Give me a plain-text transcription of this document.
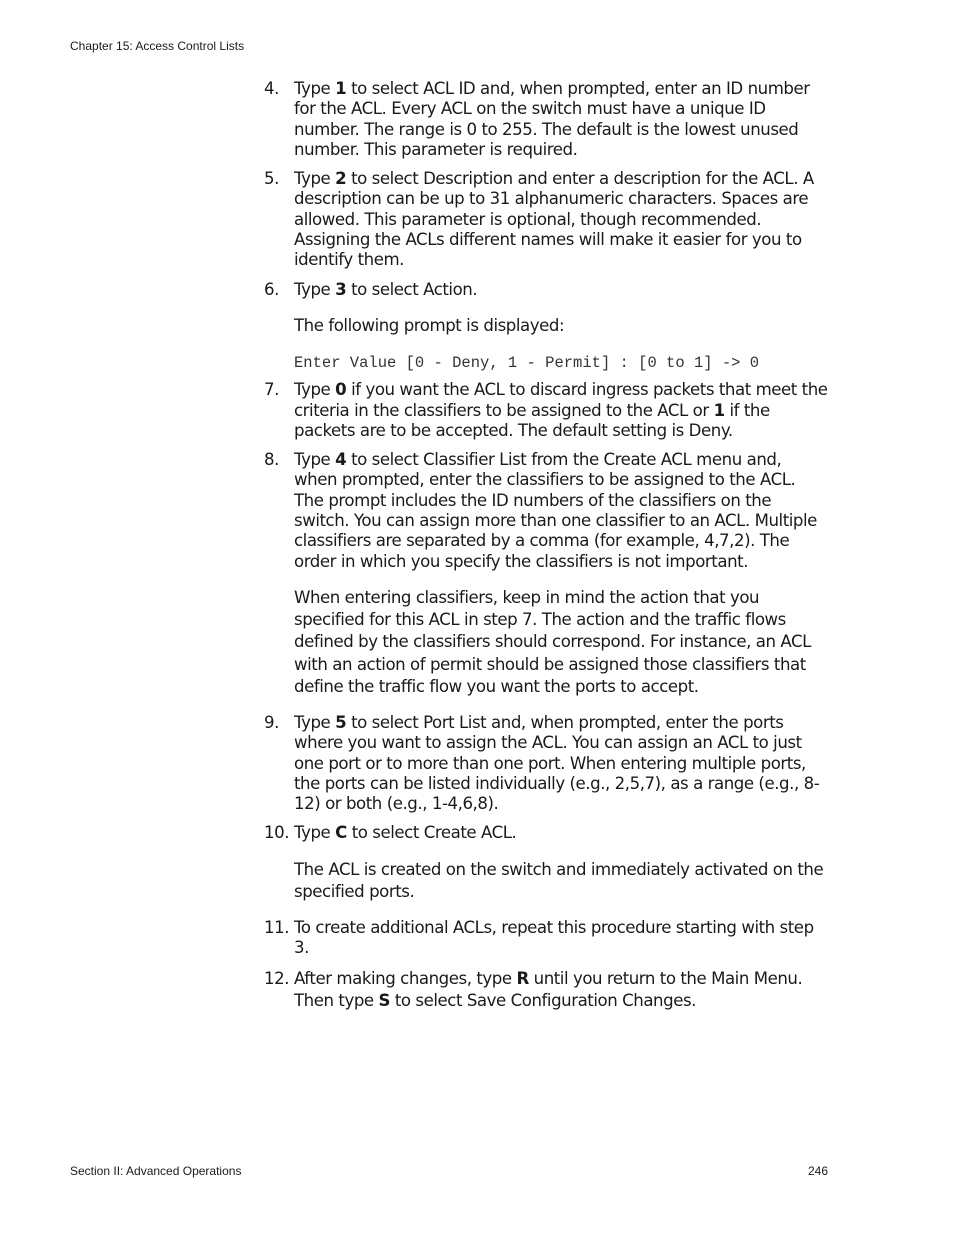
Chapter 15: Access Control Lists

4. Type 1 to select ACL ID and, when prompted, enter an ID number for the ACL. Every ACL on the switch must have a unique ID number. The range is 0 to 255. The default is the lowest unused number. This parameter is required.

5. Type 2 to select Description and enter a description for the ACL. A description can be up to 31 alphanumeric characters. Spaces are allowed. This parameter is optional, though recommended. Assigning the ACLs different names will make it easier for you to identify them.

6. Type 3 to select Action.

The following prompt is displayed:

Enter Value [0 - Deny, 1 - Permit] : [0 to 1] -> 0

7. Type 0 if you want the ACL to discard ingress packets that meet the criteria in the classifiers to be assigned to the ACL or 1 if the packets are to be accepted. The default setting is Deny.

8. Type 4 to select Classifier List from the Create ACL menu and, when prompted, enter the classifiers to be assigned to the ACL. The prompt includes the ID numbers of the classifiers on the switch. You can assign more than one classifier to an ACL. Multiple classifiers are separated by a comma (for example, 4,7,2). The order in which you specify the classifiers is not important.

When entering classifiers, keep in mind the action that you specified for this ACL in step 7. The action and the traffic flows defined by the classifiers should correspond. For instance, an ACL with an action of permit should be assigned those classifiers that define the traffic flow you want the ports to accept.

9. Type 5 to select Port List and, when prompted, enter the ports where you want to assign the ACL. You can assign an ACL to just one port or to more than one port. When entering multiple ports, the ports can be listed individually (e.g., 2,5,7), as a range (e.g., 8-12) or both (e.g., 1-4,6,8).

10. Type C to select Create ACL.

The ACL is created on the switch and immediately activated on the specified ports.

11. To create additional ACLs, repeat this procedure starting with step 3.

12. After making changes, type R until you return to the Main Menu. Then type S to select Save Configuration Changes.

Section II: Advanced Operations	246
